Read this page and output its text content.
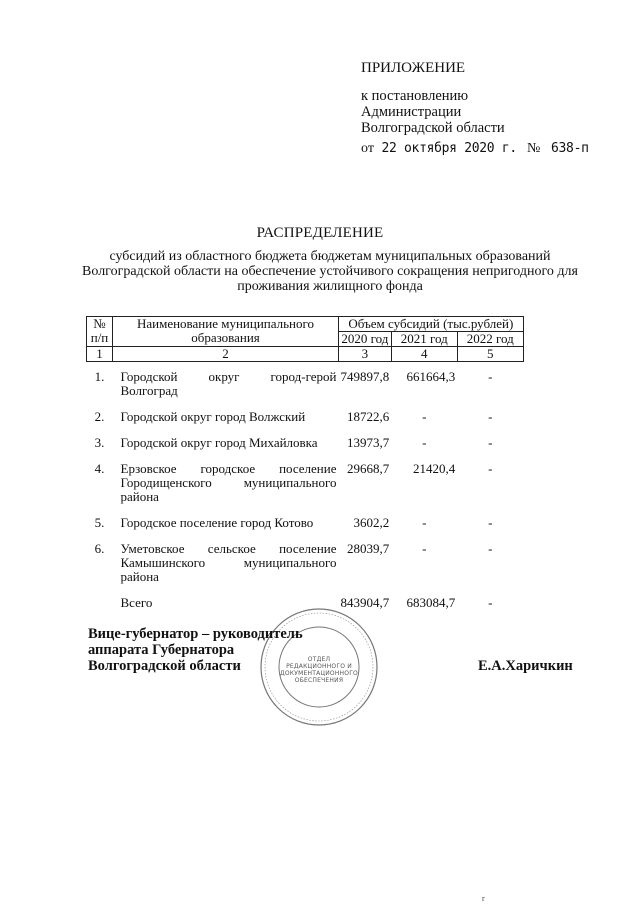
ПРИЛОЖЕНИЕ
к постановлению
Администрации
Волгоградской области
от 22 октября 2020 г. № 638-п
РАСПРЕДЕЛЕНИЕ
субсидий из областного бюджета бюджетам муниципальных образований Волгоградской области на обеспечение устойчивого сокращения непригодного для проживания жилищного фонда
№ п/п	Наименование муниципального образования	Объем субсидий (тыс.рублей)		
		2020 год	2021 год	2022 год
1	2	3	4	5
1.	Городской округ город-герой Волгоград	749897,8	661664,3	-
2.	Городской округ город Волжский	18722,6	-	-
3.	Городской округ город Михайловка	13973,7	-	-
4.	Ерзовское городское поселение Городищенского муниципального района	29668,7	21420,4	-
5.	Городское поселение город Котово	3602,2	-	-
6.	Уметовское сельское поселение Камышинского муниципального района	28039,7	-	-
	Всего	843904,7	683084,7	-
ОТДЕЛ
РЕДАКЦИОННОГО И
ДОКУМЕНТАЦИОННОГО
ОБЕСПЕЧЕНИЯ
Вице-губернатор – руководитель
аппарата Губернатора
Волгоградской области	Е.А.Харичкин
r
